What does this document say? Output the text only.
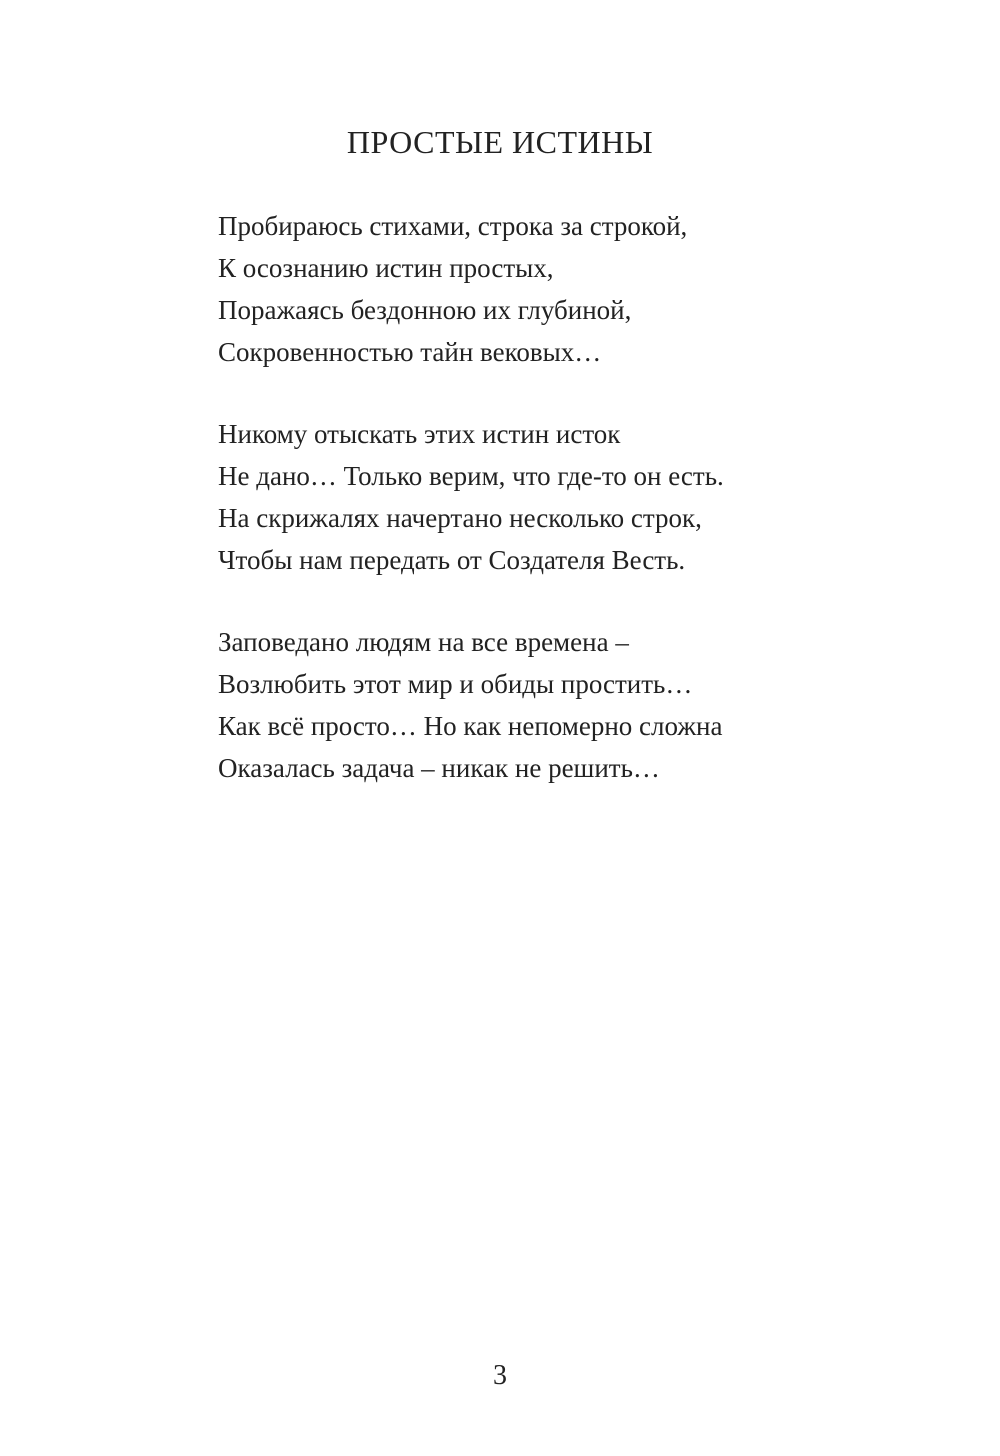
ПРОСТЫЕ ИСТИНЫ
Пробираюсь стихами, строка за строкой,
К осознанию истин простых,
Поражаясь бездонною их глубиной,
Сокровенностью тайн вековых…
Никому отыскать этих истин исток
Не дано… Только верим, что где-то он есть.
На скрижалях начертано несколько строк,
Чтобы нам передать от Создателя Весть.
Заповедано людям на все времена –
Возлюбить этот мир и обиды простить…
Как всё просто… Но как непомерно сложна
Оказалась задача – никак не решить…
3
